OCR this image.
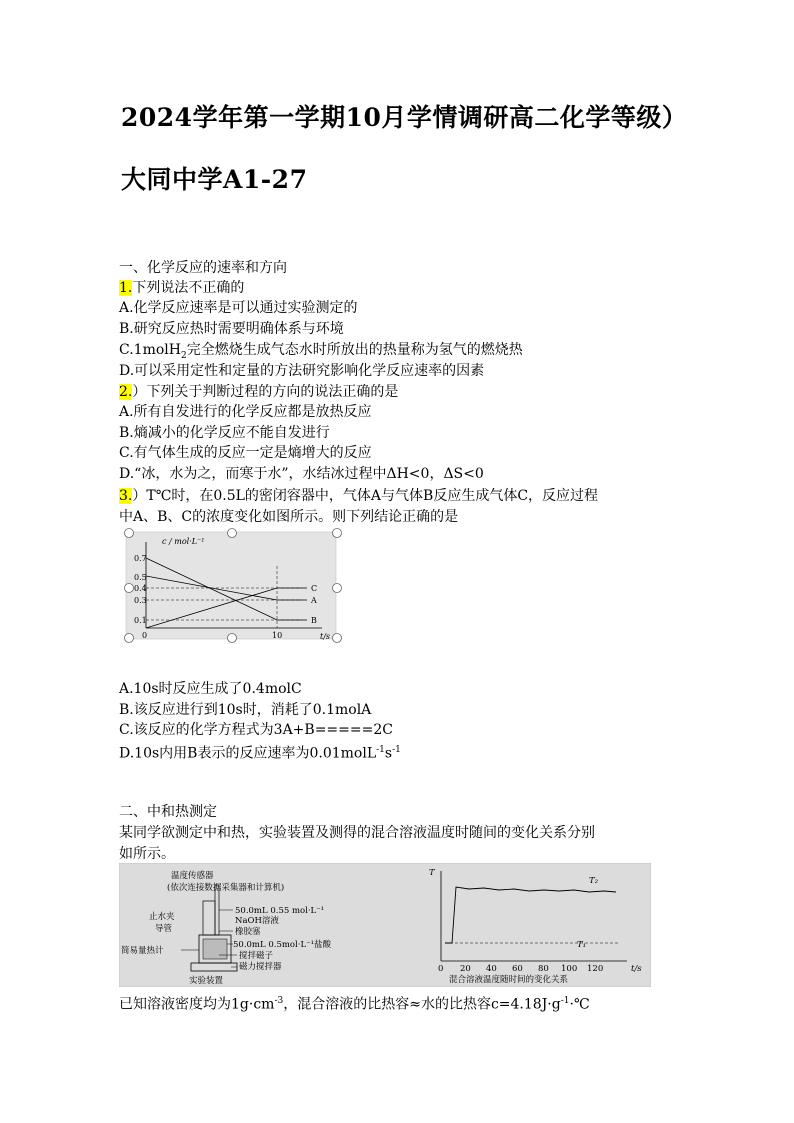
2024学年第一学期10月学情调研高二化学等级）
大同中学A1-27
一、化学反应的速率和方向
1.下列说法不正确的
A.化学反应速率是可以通过实验测定的
B.研究反应热时需要明确体系与环境
C.1molH$_2$完全燃烧生成气态水时所放出的热量称为氢气的燃烧热
D.可以采用定性和定量的方法研究影响化学反应速率的因素
2.）下列关于判断过程的方向的说法正确的是
A.所有自发进行的化学反应都是放热反应
B.熵减小的化学反应不能自发进行
C.有气体生成的反应一定是熵增大的反应
D.“冰，水为之，而寒于水”，水结冰过程中ΔH<0，ΔS<0
3.）T℃时，在0.5L的密闭容器中，气体A与气体B反应生成气体C，反应过程
中A、B、C的浓度变化如图所示。则下列结论正确的是
c / mol·L⁻¹
t/s
0.7
0.5
0.4
0.3
0.1
0	10
C
A
B
A.10s时反应生成了0.4molC
B.该反应进行到10s时，消耗了0.1molA
C.该反应的化学方程式为3A+B=====2C
D.10s内用B表示的反应速率为$0.01molL^{-1}s^{-1}$
二、中和热测定
某同学欲测定中和热，实验装置及测得的混合溶液温度时随间的变化关系分别
如所示。
温度传感器
(依次连接数据采集器和计算机)
止水夹
导管
简易量热计
50.0mL 0.55 mol·L⁻¹
NaOH溶液
橡胶塞
50.0mL 0.5mol·L⁻¹盐酸
搅拌磁子
磁力搅拌器
实验装置
T
t/s
0 20 40 60 80 100 120
混合溶液温度随时间的变化关系
T₂
T₁
已知溶液密度均为$1g\cdot cm^{-3}$，混合溶液的比热容≈水的比热容$c=4.18J\cdot g^{-1}\cdot℃$
